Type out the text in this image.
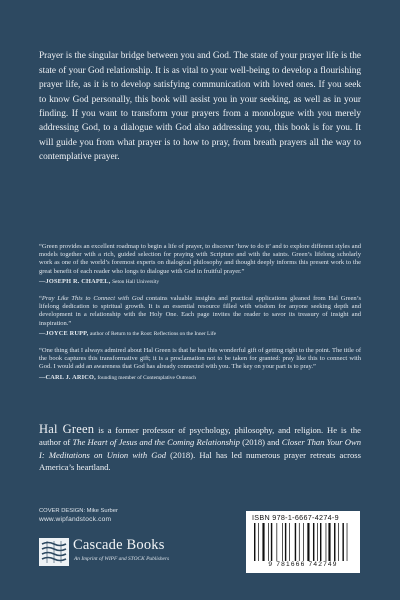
Prayer is the singular bridge between you and God. The state of your prayer life is the state of your God relationship. It is as vital to your well-being to develop a flourishing prayer life, as it is to develop satisfying communication with loved ones. If you seek to know God personally, this book will assist you in your seeking, as well as in your finding. If you want to transform your prayers from a monologue with you merely addressing God, to a dialogue with God also addressing you, this book is for you. It will guide you from what prayer is to how to pray, from breath prayers all the way to contemplative prayer.

“Green provides an excellent roadmap to begin a life of prayer, to discover ‘how to do it’ and to explore different styles and models together with a rich, guided selection for praying with Scripture and with the saints. Green’s lifelong scholarly work as one of the world’s foremost experts on dialogical philosophy and thought deeply informs this present work to the great benefit of each reader who longs to dialogue with God in fruitful prayer.”
—JOSEPH R. CHAPEL, Seton Hall University
“Pray Like This to Connect with God contains valuable insights and practical applications gleaned from Hal Green’s lifelong dedication to spiritual growth. It is an essential resource filled with wisdom for anyone seeking depth and development in a relationship with the Holy One. Each page invites the reader to savor its treasury of insight and inspiration.”
—JOYCE RUPP, author of Return to the Root: Reflections on the Inner Life
“One thing that I always admired about Hal Green is that he has this wonderful gift of getting right to the point. The title of the book captures this transformative gift; it is a proclamation not to be taken for granted: pray like this to connect with God. I would add an awareness that God has already connected with you. The key on your part is to pray.”
—CARL J. ARICO, founding member of Contemplative Outreach

Hal Green is a former professor of psychology, philosophy, and religion. He is the author of The Heart of Jesus and the Coming Relationship (2018) and Closer Than Your Own I: Meditations on Union with God (2018). Hal has led numerous prayer retreats across America’s heartland.

COVER DESIGN: Mike Surber
www.wipfandstock.com
Cascade Books
An Imprint of WIPF and STOCK Publishers
ISBN 978-1-6667-4274-9
9 781666 742749
